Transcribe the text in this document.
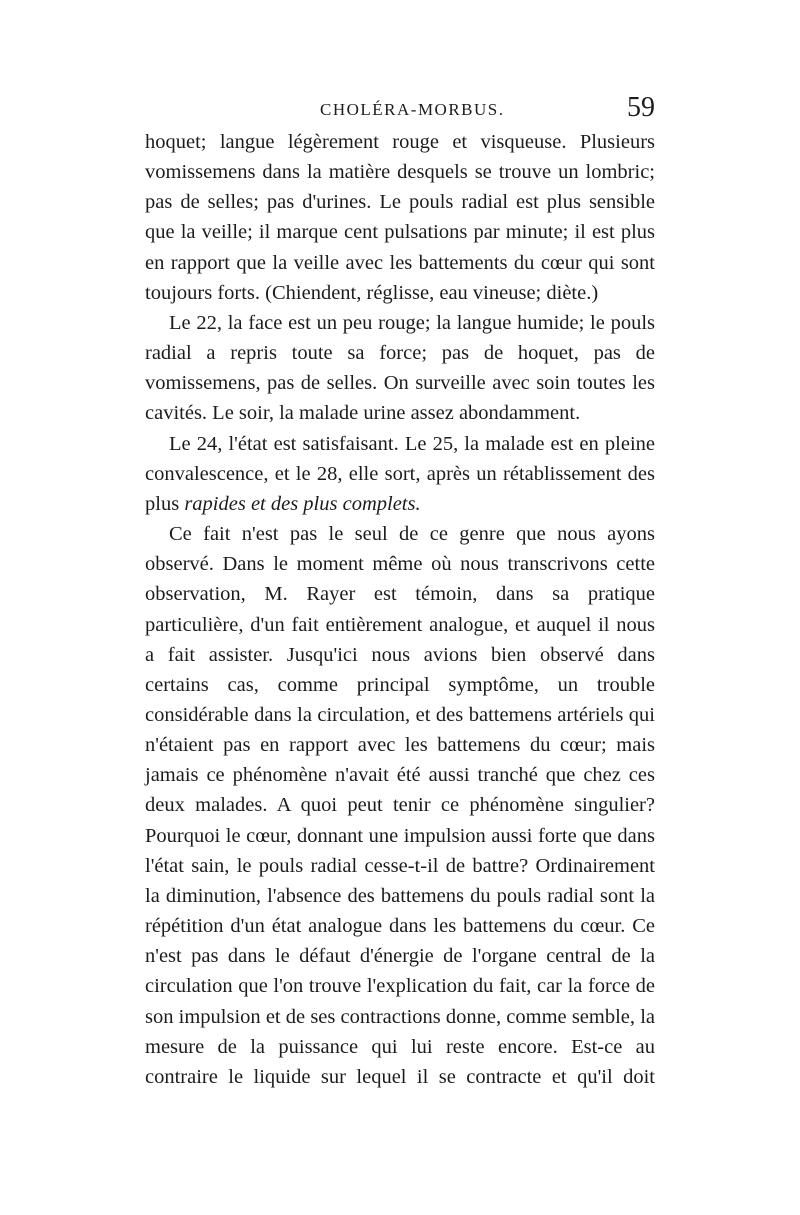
CHOLÉRA-MORBUS.	59

hoquet; langue légèrement rouge et visqueuse. Plusieurs vomissemens dans la matière desquels se trouve un lombric; pas de selles; pas d'urines. Le pouls radial est plus sensible que la veille; il marque cent pulsations par minute; il est plus en rapport que la veille avec les battements du cœur qui sont toujours forts. (Chiendent, réglisse, eau vineuse; diète.)

Le 22, la face est un peu rouge; la langue humide; le pouls radial a repris toute sa force; pas de hoquet, pas de vomissemens, pas de selles. On surveille avec soin toutes les cavités. Le soir, la malade urine assez abondamment.

Le 24, l'état est satisfaisant. Le 25, la malade est en pleine convalescence, et le 28, elle sort, après un rétablissement des plus rapides et des plus complets.

Ce fait n'est pas le seul de ce genre que nous ayons observé. Dans le moment même où nous transcrivons cette observation, M. Rayer est témoin, dans sa pratique particulière, d'un fait entièrement analogue, et auquel il nous a fait assister. Jusqu'ici nous avions bien observé dans certains cas, comme principal symptôme, un trouble considérable dans la circulation, et des battemens artériels qui n'étaient pas en rapport avec les battemens du cœur; mais jamais ce phénomène n'avait été aussi tranché que chez ces deux malades. A quoi peut tenir ce phénomène singulier? Pourquoi le cœur, donnant une impulsion aussi forte que dans l'état sain, le pouls radial cesse-t-il de battre? Ordinairement la diminution, l'absence des battemens du pouls radial sont la répétition d'un état analogue dans les battemens du cœur. Ce n'est pas dans le défaut d'énergie de l'organe central de la circulation que l'on trouve l'explication du fait, car la force de son impulsion et de ses contractions donne, comme semble, la mesure de la puissance qui lui reste encore. Est-ce au contraire le liquide sur lequel il se contracte et qu'il doit
